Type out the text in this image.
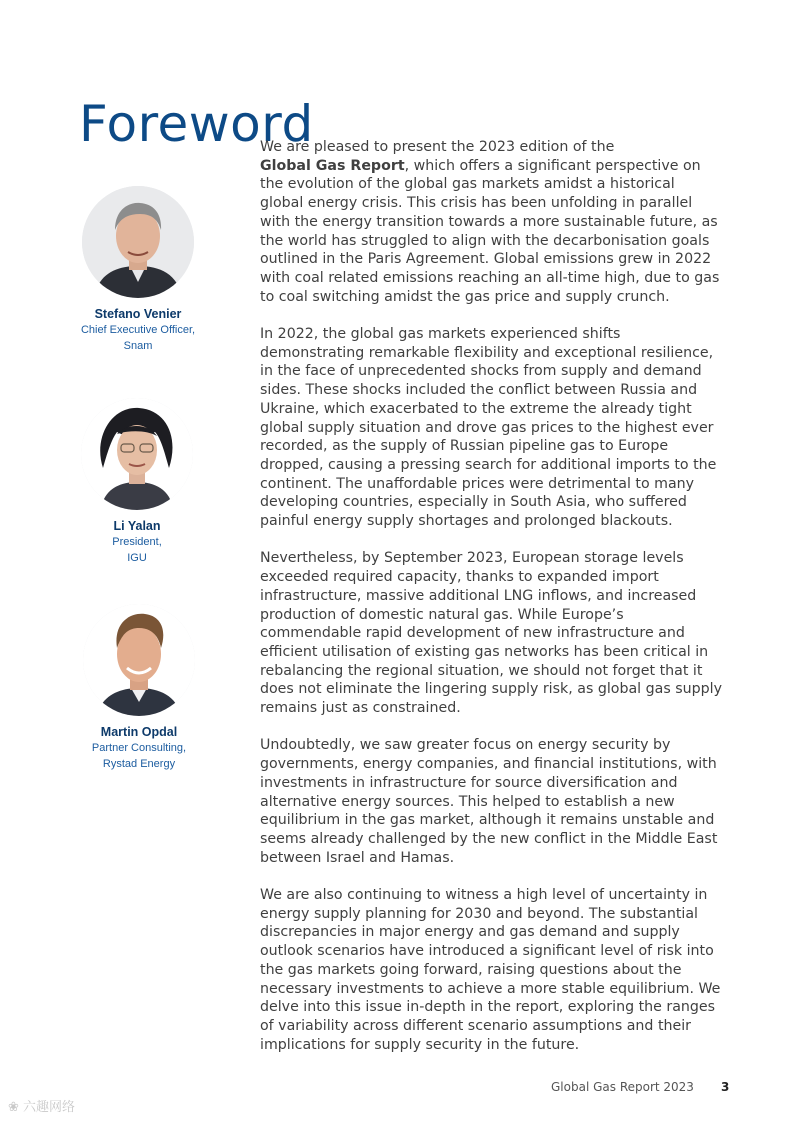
Foreword
Stefano Venier
Chief Executive Officer,
Snam
Li Yalan
President,
IGU
Martin Opdal
Partner Consulting,
Rystad Energy

We are pleased to present the 2023 edition of the
Global Gas Report, which offers a significant perspective on the evolution of the global gas markets amidst a historical global energy crisis. This crisis has been unfolding in parallel with the energy transition towards a more sustainable future, as the world has struggled to align with the decarbonisation goals outlined in the Paris Agreement. Global emissions grew in 2022 with coal related emissions reaching an all-time high, due to gas to coal switching amidst the gas price and supply crunch.

In 2022, the global gas markets experienced shifts demonstrating remarkable flexibility and exceptional resilience, in the face of unprecedented shocks from supply and demand sides. These shocks included the conflict between Russia and Ukraine, which exacerbated to the extreme the already tight global supply situation and drove gas prices to the highest ever recorded, as the supply of Russian pipeline gas to Europe dropped, causing a pressing search for additional imports to the continent. The unaffordable prices were detrimental to many developing countries, especially in South Asia, who suffered painful energy supply shortages and prolonged blackouts.

Nevertheless, by September 2023, European storage levels exceeded required capacity, thanks to expanded import infrastructure, massive additional LNG inflows, and increased production of domestic natural gas. While Europe’s commendable rapid development of new infrastructure and efficient utilisation of existing gas networks has been critical in rebalancing the regional situation, we should not forget that it does not eliminate the lingering supply risk, as global gas supply remains just as constrained.

Undoubtedly, we saw greater focus on energy security by governments, energy companies, and financial institutions, with investments in infrastructure for source diversification and alternative energy sources. This helped to establish a new equilibrium in the gas market, although it remains unstable and seems already challenged by the new conflict in the Middle East between Israel and Hamas.

We are also continuing to witness a high level of uncertainty in energy supply planning for 2030 and beyond. The substantial discrepancies in major energy and gas demand and supply outlook scenarios have introduced a significant level of risk into the gas markets going forward, raising questions about the necessary investments to achieve a more stable equilibrium. We delve into this issue in-depth in the report, exploring the ranges of variability across different scenario assumptions and their implications for supply security in the future.

Global Gas Report 2023 3
❀ 六趣网络
